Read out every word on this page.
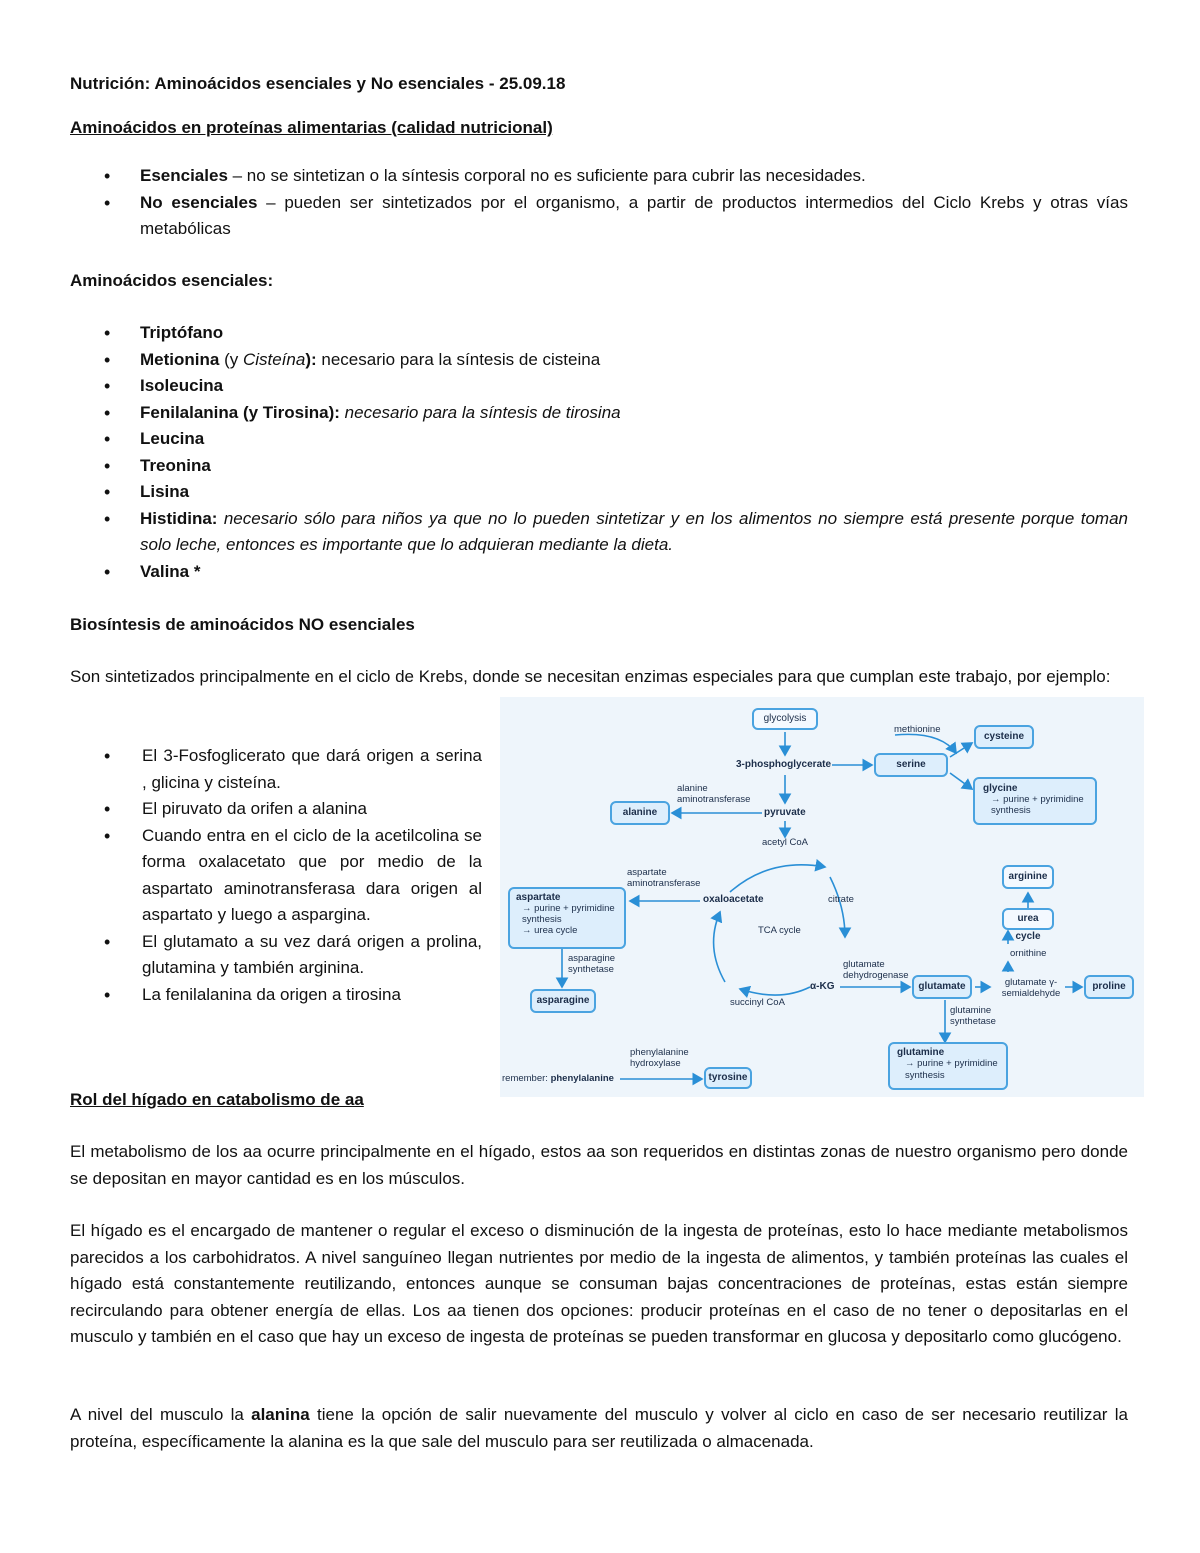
Nutrición: Aminoácidos esenciales y No esenciales - 25.09.18
Aminoácidos en proteínas alimentarias (calidad nutricional)
• Esenciales – no se sintetizan o la síntesis corporal no es suficiente para cubrir las necesidades.
• No esenciales – pueden ser sintetizados por el organismo, a partir de productos intermedios del Ciclo Krebs y otras vías metabólicas
Aminoácidos esenciales:
• Triptófano
• Metionina (y Cisteína): necesario para la síntesis de cisteina
• Isoleucina
• Fenilalanina (y Tirosina): necesario para la síntesis de tirosina
• Leucina
• Treonina
• Lisina
• Histidina: necesario sólo para niños ya que no lo pueden sintetizar y en los alimentos no siempre está presente porque toman solo leche, entonces es importante que lo adquieran mediante la dieta.
• Valina *
Biosíntesis de aminoácidos NO esenciales
Son sintetizados principalmente en el ciclo de Krebs, donde se necesitan enzimas especiales para que cumplan este trabajo, por ejemplo:
• El 3-Fosfoglicerato que dará origen a serina , glicina y cisteína.
• El piruvato da orifen a alanina
• Cuando entra en el ciclo de la acetilcolina se forma oxalacetato que por medio de la aspartato aminotransferasa dara origen al aspartato y luego a aspargina.
• El glutamato a su vez dará origen a prolina, glutamina y también arginina.
• La fenilalanina da origen a tirosina
glycolysis
3-phosphoglycerate
methionine
cysteine
serine
glycine
→ purine + pyrimidine synthesis
alanine aminotransferase
alanine	pyruvate
acetyl CoA
aspartate aminotransferase
oxaloacetate	citrate
TCA cycle
aspartate
→ purine + pyrimidine synthesis
→ urea cycle
asparagine synthetase
asparagine
glutamate dehydrogenase
succinyl CoA
α-KG	glutamate	glutamate γ-semialdehyde
proline
arginine
urea cycle
ornithine
glutamine synthetase
glutamine
→ purine + pyrimidine synthesis
phenylalanine hydroxylase
remember: phenylalanine	tyrosine
Rol del hígado en catabolismo de aa
El metabolismo de los aa ocurre principalmente en el hígado, estos aa son requeridos en distintas zonas de nuestro organismo pero donde se depositan en mayor cantidad es en los músculos.
El hígado es el encargado de mantener o regular el exceso o disminución de la ingesta de proteínas, esto lo hace mediante metabolismos parecidos a los carbohidratos. A nivel sanguíneo llegan nutrientes por medio de la ingesta de alimentos, y también proteínas las cuales el hígado está constantemente reutilizando, entonces aunque se consuman bajas concentraciones de proteínas, estas están siempre recirculando para obtener energía de ellas. Los aa tienen dos opciones: producir proteínas en el caso de no tener o depositarlas en el musculo y también en el caso que hay un exceso de ingesta de proteínas se pueden transformar en glucosa y depositarlo como glucógeno.
A nivel del musculo la alanina tiene la opción de salir nuevamente del musculo y volver al ciclo en caso de ser necesario reutilizar la proteína, específicamente la alanina es la que sale del musculo para ser reutilizada o almacenada.
